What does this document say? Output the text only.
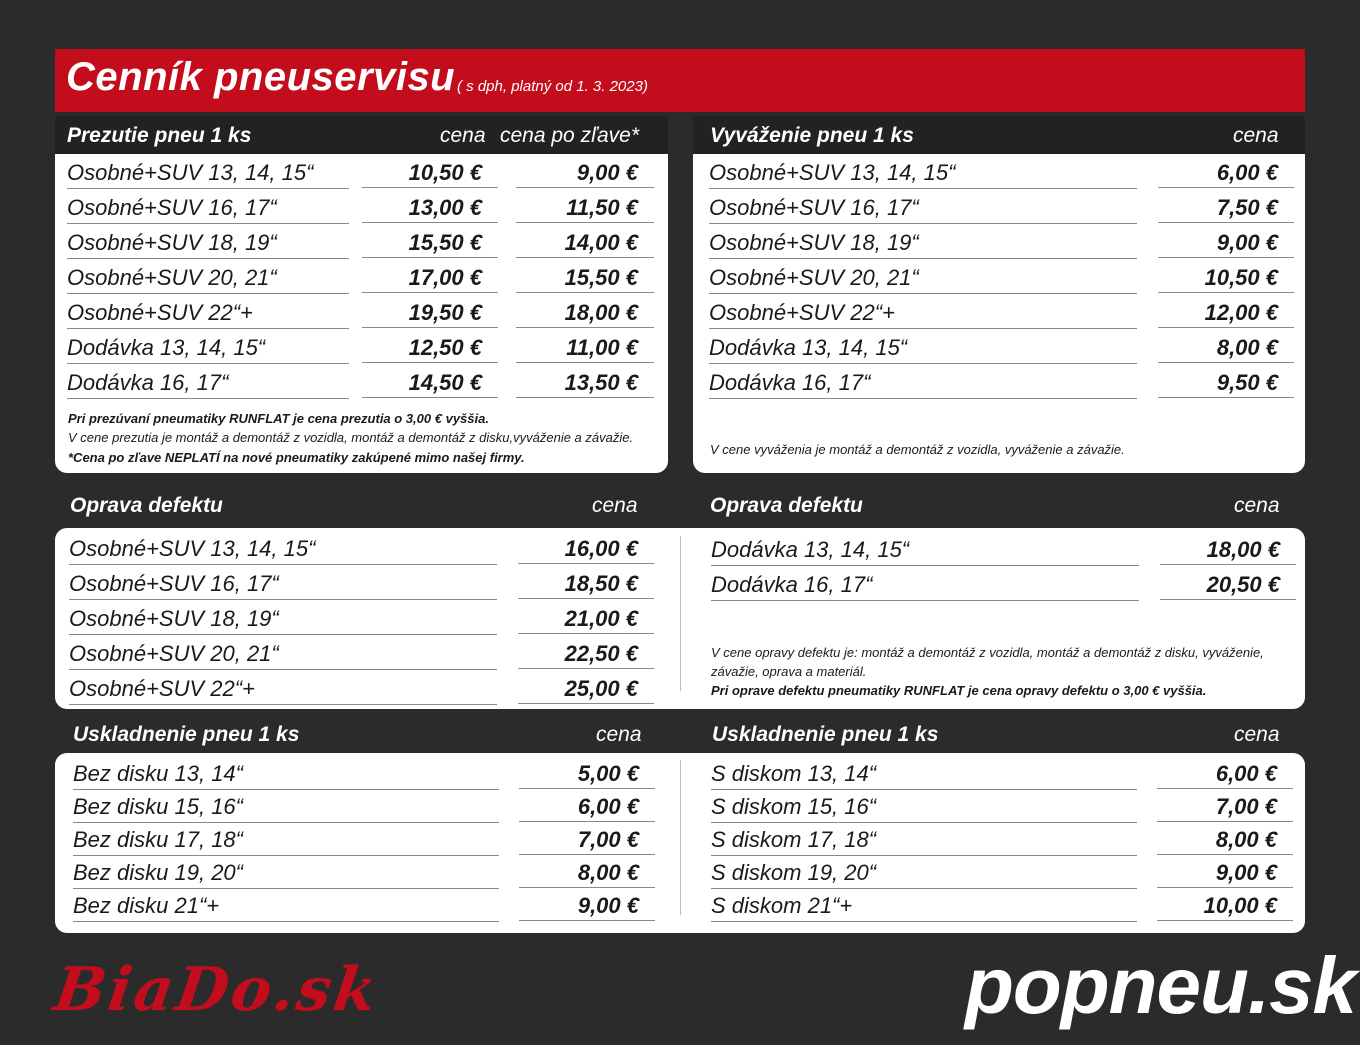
Cenník pneuservisu ( s dph, platný od 1. 3. 2023)
Prezutie pneu 1 ks	cena cena po zľave*
Osobné+SUV 13, 14, 15“	10,50 €	9,00 €
Osobné+SUV 16, 17“	13,00 €	11,50 €
Osobné+SUV 18, 19“	15,50 €	14,00 €
Osobné+SUV 20, 21“	17,00 €	15,50 €
Osobné+SUV 22“+	19,50 €	18,00 €
Dodávka 13, 14, 15“	12,50 €	11,00 €
Dodávka 16, 17“	14,50 €	13,50 €
Pri prezúvaní pneumatiky RUNFLAT je cena prezutia o 3,00 € vyššia.
V cene prezutia je montáž a demontáž z vozidla, montáž a demontáž z disku,vyváženie a závažie.
*Cena po zľave NEPLATÍ na nové pneumatiky zakúpené mimo našej firmy.
Vyváženie pneu 1 ks	cena
Osobné+SUV 13, 14, 15“	6,00 €
Osobné+SUV 16, 17“	7,50 €
Osobné+SUV 18, 19“	9,00 €
Osobné+SUV 20, 21“	10,50 €
Osobné+SUV 22“+	12,00 €
Dodávka 13, 14, 15“	8,00 €
Dodávka 16, 17“	9,50 €
V cene vyváženia je montáž a demontáž z vozidla, vyváženie a závažie.
Oprava defektu	cena	Oprava defektu	cena
Osobné+SUV 13, 14, 15“	16,00 €
Osobné+SUV 16, 17“	18,50 €
Osobné+SUV 18, 19“	21,00 €
Osobné+SUV 20, 21“	22,50 €
Osobné+SUV 22“+	25,00 €
Dodávka 13, 14, 15“	18,00 €
Dodávka 16, 17“	20,50 €
V cene opravy defektu je: montáž a demontáž z vozidla, montáž a demontáž z disku, vyváženie,
závažie, oprava a materiál.
Pri oprave defektu pneumatiky RUNFLAT je cena opravy defektu o 3,00 € vyššia.
Uskladnenie pneu 1 ks	cena	Uskladnenie pneu 1 ks	cena
Bez disku 13, 14“	5,00 €
Bez disku 15, 16“	6,00 €
Bez disku 17, 18“	7,00 €
Bez disku 19, 20“	8,00 €
Bez disku 21“+	9,00 €
S diskom 13, 14“	6,00 €
S diskom 15, 16“	7,00 €
S diskom 17, 18“	8,00 €
S diskom 19, 20“	9,00 €
S diskom 21“+	10,00 €
BiaDo.sk	popneu.sk
